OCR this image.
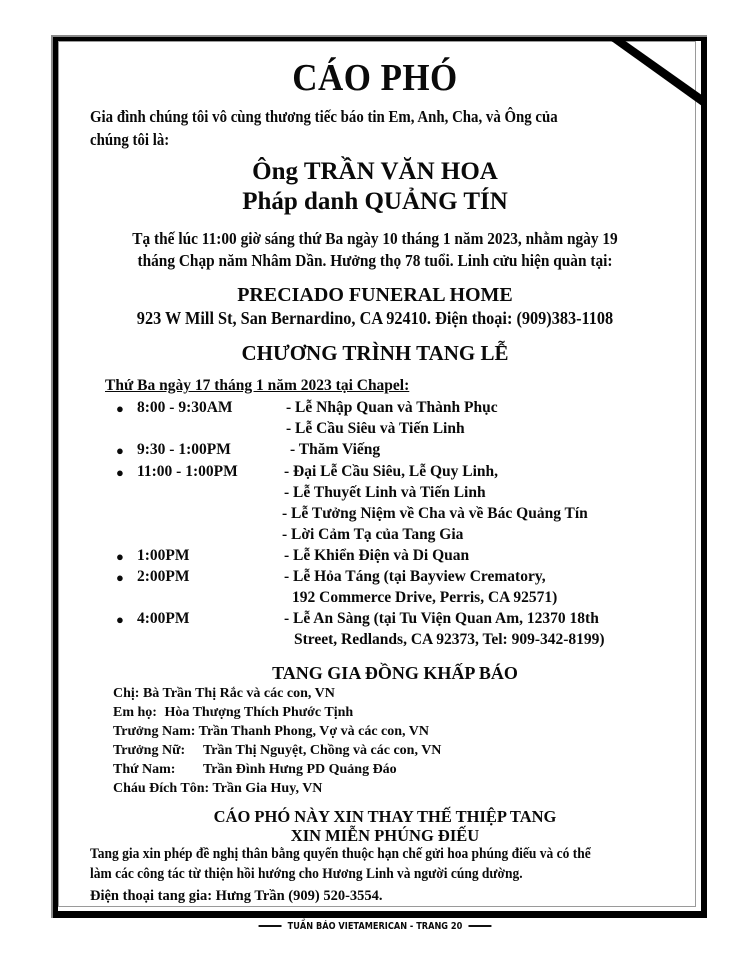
CÁO PHÓ
Gia đình chúng tôi vô cùng thương tiếc báo tin Em, Anh, Cha, và Ông của
chúng tôi là:
Ông TRẦN VĂN HOA
Pháp danh QUẢNG TÍN
Tạ thế lúc 11:00 giờ sáng thứ Ba ngày 10 tháng 1 năm 2023, nhằm ngày 19
tháng Chạp năm Nhâm Dần. Hưởng thọ 78 tuổi. Linh cửu hiện quàn tại:
PRECIADO FUNERAL HOME
923 W Mill St, San Bernardino, CA 92410. Điện thoại: (909)383-1108
CHƯƠNG TRÌNH TANG LỄ
Thứ Ba ngày 17 tháng 1 năm 2023 tại Chapel:
● 8:00 - 9:30AM	- Lễ Nhập Quan và Thành Phục
- Lễ Cầu Siêu và Tiến Linh
● 9:30 - 1:00PM	- Thăm Viếng
● 11:00 - 1:00PM	- Đại Lễ Cầu Siêu, Lễ Quy Linh,
- Lễ Thuyết Linh và Tiến Linh
- Lễ Tưởng Niệm về Cha và về Bác Quảng Tín
- Lời Cảm Tạ của Tang Gia
● 1:00PM	- Lễ Khiển Điện và Di Quan
● 2:00PM	- Lễ Hỏa Táng (tại Bayview Crematory,
192 Commerce Drive, Perris, CA 92571)
● 4:00PM	- Lễ An Sàng (tại Tu Viện Quan Am, 12370 18th
Street, Redlands, CA 92373, Tel: 909-342-8199)
TANG GIA ĐỒNG KHẤP BÁO
Chị: Bà Trần Thị Rắc và các con, VN
Em họ: Hòa Thượng Thích Phước Tịnh
Trưởng Nam: Trần Thanh Phong, Vợ và các con, VN
Trưởng Nữ: Trần Thị Nguyệt, Chồng và các con, VN
Thứ Nam: Trần Đình Hưng PD Quảng Đáo
Cháu Đích Tôn: Trần Gia Huy, VN
CÁO PHÓ NÀY XIN THAY THẾ THIỆP TANG
XIN MIỄN PHÚNG ĐIẾU
Tang gia xin phép đề nghị thân bằng quyến thuộc hạn chế gửi hoa phúng điếu và có thể
làm các công tác từ thiện hồi hướng cho Hương Linh và người cúng dường.
Điện thoại tang gia: Hưng Trần (909) 520-3554.
TUẦN BÁO VIETAMERICAN - TRANG 20
